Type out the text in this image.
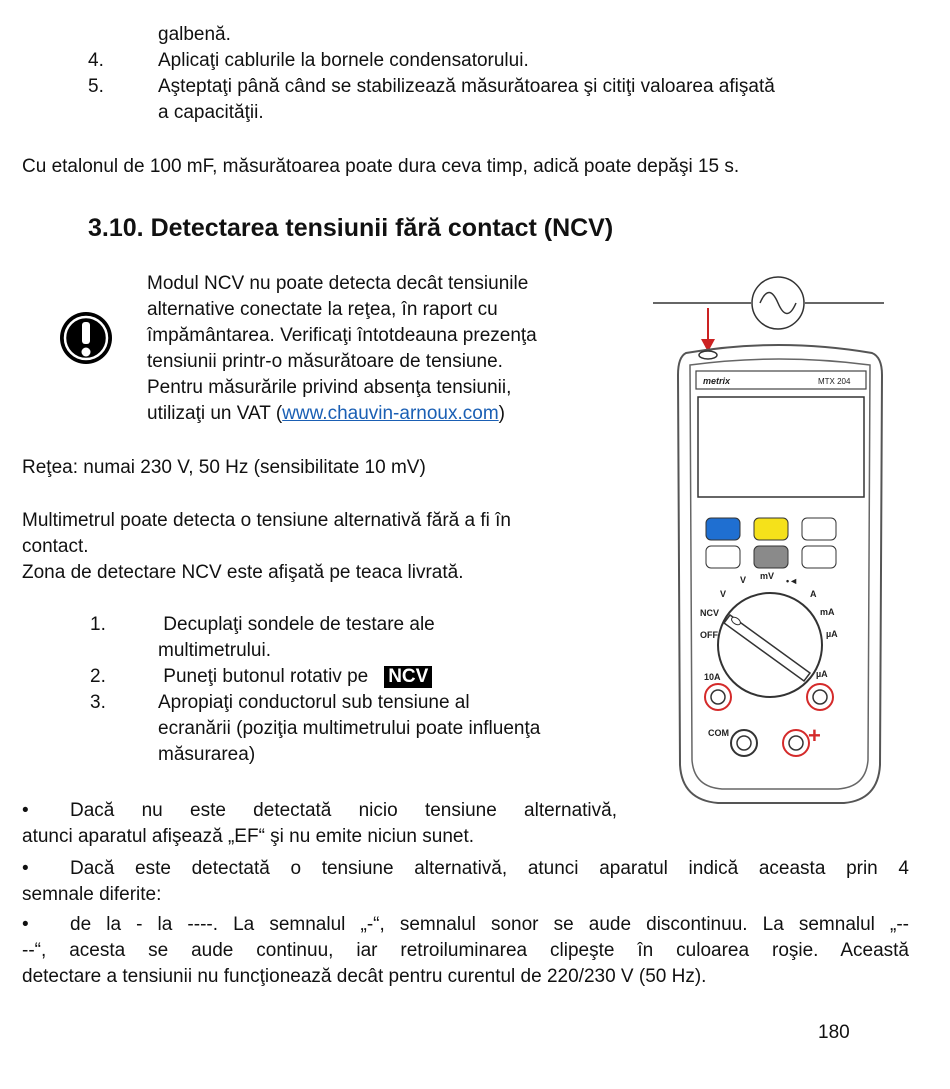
galbenă.
4.	Aplicaţi cablurile la bornele condensatorului.
5.	Aşteptaţi până când se stabilizează măsurătoarea şi citiţi valoarea afişată
a capacităţii.
Cu etalonul de 100 mF, măsurătoarea poate dura ceva timp, adică poate depăşi 15 s.
3.10. Detectarea tensiunii fără contact (NCV)
Modul NCV nu poate detecta decât tensiunile
alternative conectate la reţea, în raport cu
împământarea. Verificaţi întotdeauna prezenţa
tensiunii printr-o măsurătoare de tensiune.
Pentru măsurările privind absenţa tensiunii,
utilizaţi un VAT (www.chauvin-arnoux.com)
Reţea: numai 230 V, 50 Hz (sensibilitate 10 mV)
Multimetrul poate detecta o tensiune alternativă fără a fi în
contact.
Zona de detectare NCV este afişată pe teaca livrată.
1.	Decuplaţi sondele de testare ale
multimetrului.
2.	Puneţi butonul rotativ pe NCV
3.	Apropiaţi conductorul sub tensiune al
ecranării (poziţia multimetrului poate influenţa
măsurarea)
• Dacă nu este detectată nicio tensiune alternativă,
atunci aparatul afişează „EF“ şi nu emite niciun sunet.
• Dacă este detectată o tensiune alternativă, atunci aparatul indică aceasta prin 4
semnale diferite:
• de la - la ----. La semnalul „-“, semnalul sonor se aude discontinuu. La semnalul „--
--“, acesta se aude continuu, iar retroiluminarea clipeşte în culoarea roşie. Această
detectare a tensiunii nu funcţionează decât pentru curentul de 220/230 V (50 Hz).
180
metrix	MTX 204
V
V mV •◄
A
NCV
OFF
mA
µA
10A	µA
COM	+
